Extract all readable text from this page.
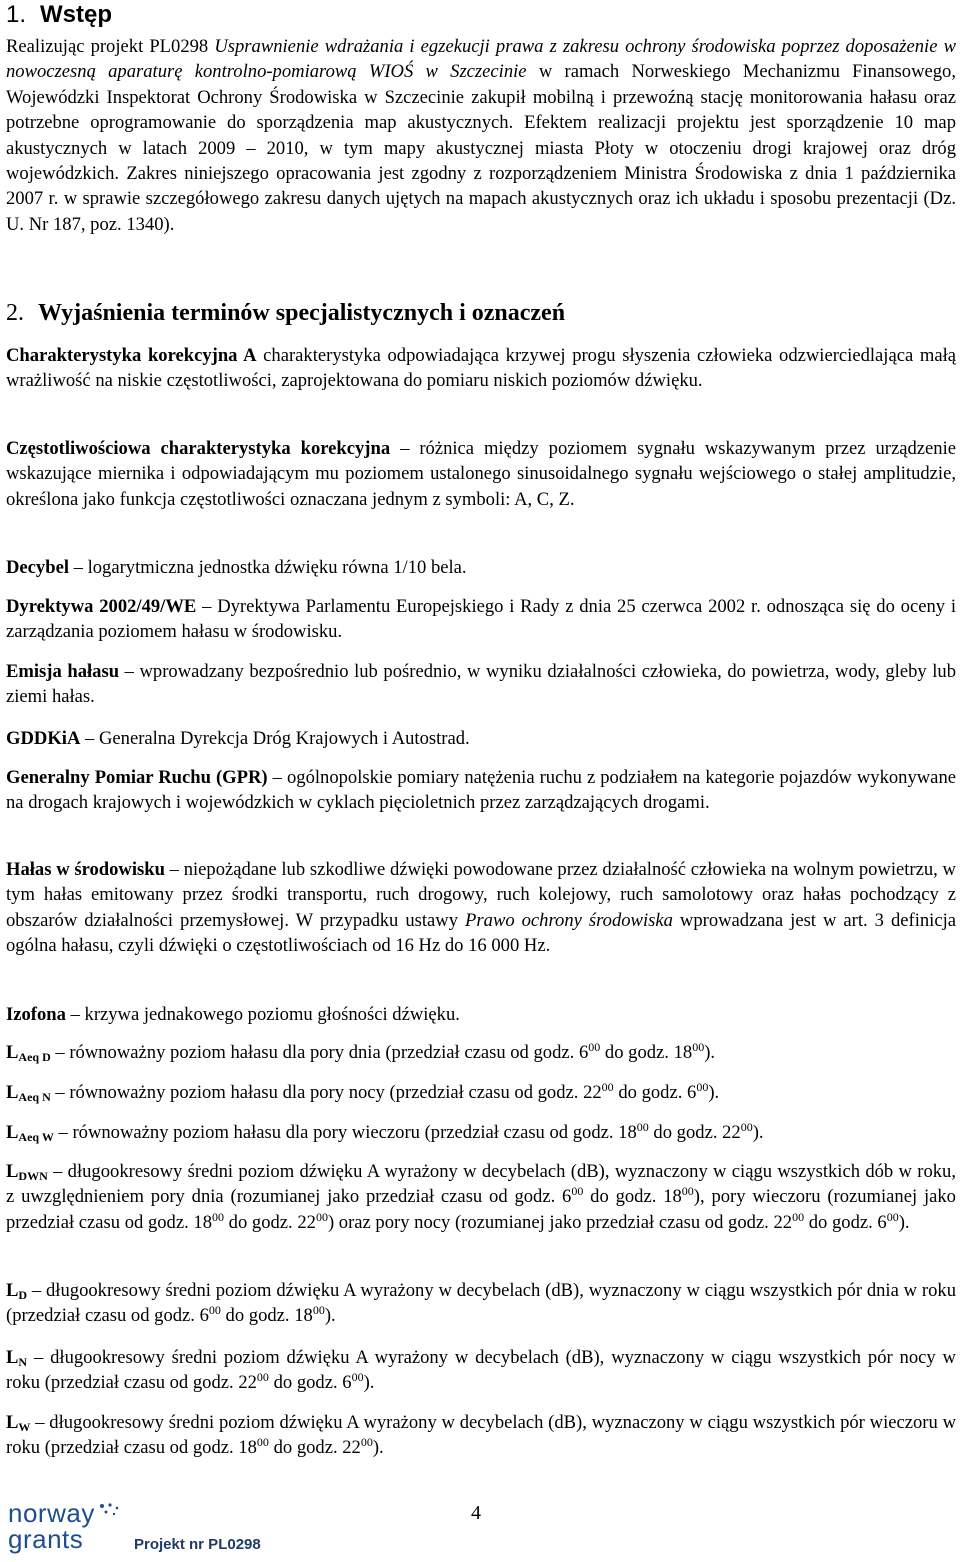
1. Wstęp
Realizując projekt PL0298 Usprawnienie wdrażania i egzekucji prawa z zakresu ochrony środowiska poprzez doposażenie w nowoczesną aparaturę kontrolno-pomiarową WIOŚ w Szczecinie w ramach Norweskiego Mechanizmu Finansowego, Wojewódzki Inspektorat Ochrony Środowiska w Szczecinie zakupił mobilną i przewoźną stację monitorowania hałasu oraz potrzebne oprogramowanie do sporządzenia map akustycznych. Efektem realizacji projektu jest sporządzenie 10 map akustycznych w latach 2009 – 2010, w tym mapy akustycznej miasta Płoty w otoczeniu drogi krajowej oraz dróg wojewódzkich. Zakres niniejszego opracowania jest zgodny z rozporządzeniem Ministra Środowiska z dnia 1 października 2007 r. w sprawie szczegółowego zakresu danych ujętych na mapach akustycznych oraz ich układu i sposobu prezentacji (Dz. U. Nr 187, poz. 1340).
2. Wyjaśnienia terminów specjalistycznych i oznaczeń
Charakterystyka korekcyjna A charakterystyka odpowiadająca krzywej progu słyszenia człowieka odzwierciedlająca małą wrażliwość na niskie częstotliwości, zaprojektowana do pomiaru niskich poziomów dźwięku.
Częstotliwościowa charakterystyka korekcyjna – różnica między poziomem sygnału wskazywanym przez urządzenie wskazujące miernika i odpowiadającym mu poziomem ustalonego sinusoidalnego sygnału wejściowego o stałej amplitudzie, określona jako funkcja częstotliwości oznaczana jednym z symboli: A, C, Z.
Decybel – logarytmiczna jednostka dźwięku równa 1/10 bela.
Dyrektywa 2002/49/WE – Dyrektywa Parlamentu Europejskiego i Rady z dnia 25 czerwca 2002 r. odnosząca się do oceny i zarządzania poziomem hałasu w środowisku.
Emisja hałasu – wprowadzany bezpośrednio lub pośrednio, w wyniku działalności człowieka, do powietrza, wody, gleby lub ziemi hałas.
GDDKiA – Generalna Dyrekcja Dróg Krajowych i Autostrad.
Generalny Pomiar Ruchu (GPR) – ogólnopolskie pomiary natężenia ruchu z podziałem na kategorie pojazdów wykonywane na drogach krajowych i wojewódzkich w cyklach pięcioletnich przez zarządzających drogami.
Hałas w środowisku – niepożądane lub szkodliwe dźwięki powodowane przez działalność człowieka na wolnym powietrzu, w tym hałas emitowany przez środki transportu, ruch drogowy, ruch kolejowy, ruch samolotowy oraz hałas pochodzący z obszarów działalności przemysłowej. W przypadku ustawy Prawo ochrony środowiska wprowadzana jest w art. 3 definicja ogólna hałasu, czyli dźwięki o częstotliwościach od 16 Hz do 16 000 Hz.
Izofona – krzywa jednakowego poziomu głośności dźwięku.
$L_{Aeq D}$ – równoważny poziom hałasu dla pory dnia (przedział czasu od godz. $6^{00}$ do godz. $18^{00}$).
$L_{Aeq N}$ – równoważny poziom hałasu dla pory nocy (przedział czasu od godz. $22^{00}$ do godz. $6^{00}$).
$L_{Aeq W}$ – równoważny poziom hałasu dla pory wieczoru (przedział czasu od godz. $18^{00}$ do godz. $22^{00}$).
$L_{DWN}$ – długookresowy średni poziom dźwięku A wyrażony w decybelach (dB), wyznaczony w ciągu wszystkich dób w roku, z uwzględnieniem pory dnia (rozumianej jako przedział czasu od godz. $6^{00}$ do godz. $18^{00}$), pory wieczoru (rozumianej jako przedział czasu od godz. $18^{00}$ do godz. $22^{00}$) oraz pory nocy (rozumianej jako przedział czasu od godz. $22^{00}$ do godz. $6^{00}$).
$L_D$ – długookresowy średni poziom dźwięku A wyrażony w decybelach (dB), wyznaczony w ciągu wszystkich pór dnia w roku (przedział czasu od godz. $6^{00}$ do godz. $18^{00}$).
$L_N$ – długookresowy średni poziom dźwięku A wyrażony w decybelach (dB), wyznaczony w ciągu wszystkich pór nocy w roku (przedział czasu od godz. $22^{00}$ do godz. $6^{00}$).
$L_W$ – długookresowy średni poziom dźwięku A wyrażony w decybelach (dB), wyznaczony w ciągu wszystkich pór wieczoru w roku (przedział czasu od godz. $18^{00}$ do godz. $22^{00}$).
4
norway
grants	Projekt nr PL0298
